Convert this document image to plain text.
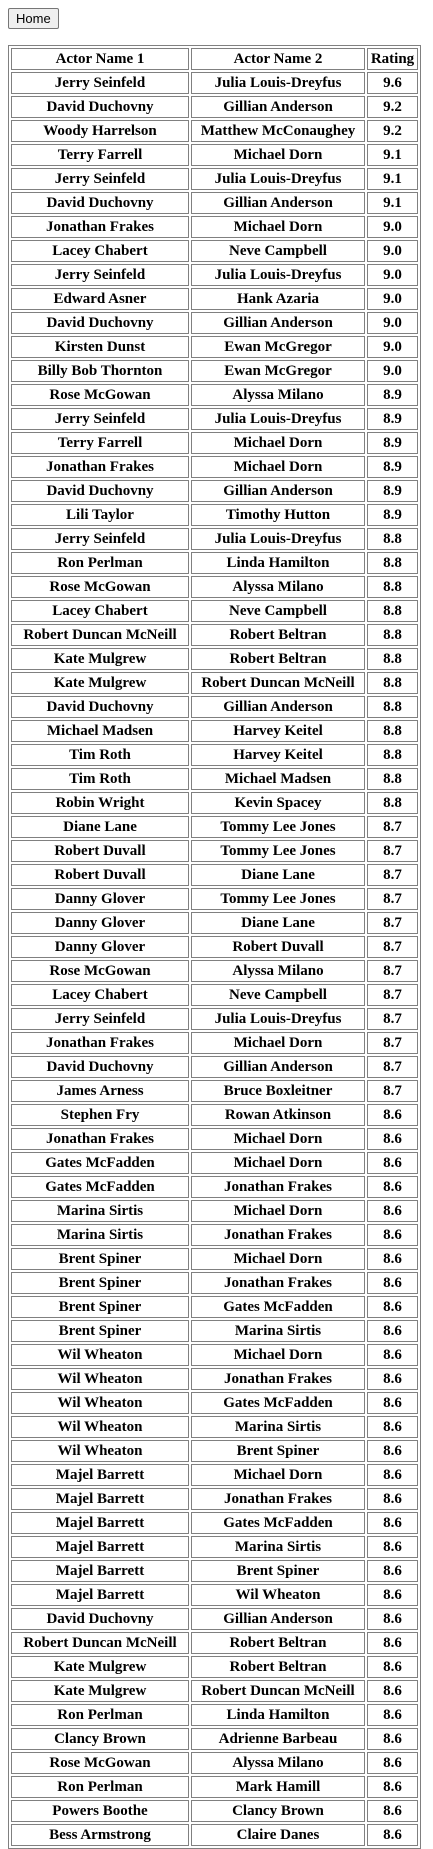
Home
Actor Name 1	Actor Name 2	Rating
Jerry Seinfeld	Julia Louis-Dreyfus	9.6
David Duchovny	Gillian Anderson	9.2
Woody Harrelson	Matthew McConaughey	9.2
Terry Farrell	Michael Dorn	9.1
Jerry Seinfeld	Julia Louis-Dreyfus	9.1
David Duchovny	Gillian Anderson	9.1
Jonathan Frakes	Michael Dorn	9.0
Lacey Chabert	Neve Campbell	9.0
Jerry Seinfeld	Julia Louis-Dreyfus	9.0
Edward Asner	Hank Azaria	9.0
David Duchovny	Gillian Anderson	9.0
Kirsten Dunst	Ewan McGregor	9.0
Billy Bob Thornton	Ewan McGregor	9.0
Rose McGowan	Alyssa Milano	8.9
Jerry Seinfeld	Julia Louis-Dreyfus	8.9
Terry Farrell	Michael Dorn	8.9
Jonathan Frakes	Michael Dorn	8.9
David Duchovny	Gillian Anderson	8.9
Lili Taylor	Timothy Hutton	8.9
Jerry Seinfeld	Julia Louis-Dreyfus	8.8
Ron Perlman	Linda Hamilton	8.8
Rose McGowan	Alyssa Milano	8.8
Lacey Chabert	Neve Campbell	8.8
Robert Duncan McNeill	Robert Beltran	8.8
Kate Mulgrew	Robert Beltran	8.8
Kate Mulgrew	Robert Duncan McNeill	8.8
David Duchovny	Gillian Anderson	8.8
Michael Madsen	Harvey Keitel	8.8
Tim Roth	Harvey Keitel	8.8
Tim Roth	Michael Madsen	8.8
Robin Wright	Kevin Spacey	8.8
Diane Lane	Tommy Lee Jones	8.7
Robert Duvall	Tommy Lee Jones	8.7
Robert Duvall	Diane Lane	8.7
Danny Glover	Tommy Lee Jones	8.7
Danny Glover	Diane Lane	8.7
Danny Glover	Robert Duvall	8.7
Rose McGowan	Alyssa Milano	8.7
Lacey Chabert	Neve Campbell	8.7
Jerry Seinfeld	Julia Louis-Dreyfus	8.7
Jonathan Frakes	Michael Dorn	8.7
David Duchovny	Gillian Anderson	8.7
James Arness	Bruce Boxleitner	8.7
Stephen Fry	Rowan Atkinson	8.6
Jonathan Frakes	Michael Dorn	8.6
Gates McFadden	Michael Dorn	8.6
Gates McFadden	Jonathan Frakes	8.6
Marina Sirtis	Michael Dorn	8.6
Marina Sirtis	Jonathan Frakes	8.6
Brent Spiner	Michael Dorn	8.6
Brent Spiner	Jonathan Frakes	8.6
Brent Spiner	Gates McFadden	8.6
Brent Spiner	Marina Sirtis	8.6
Wil Wheaton	Michael Dorn	8.6
Wil Wheaton	Jonathan Frakes	8.6
Wil Wheaton	Gates McFadden	8.6
Wil Wheaton	Marina Sirtis	8.6
Wil Wheaton	Brent Spiner	8.6
Majel Barrett	Michael Dorn	8.6
Majel Barrett	Jonathan Frakes	8.6
Majel Barrett	Gates McFadden	8.6
Majel Barrett	Marina Sirtis	8.6
Majel Barrett	Brent Spiner	8.6
Majel Barrett	Wil Wheaton	8.6
David Duchovny	Gillian Anderson	8.6
Robert Duncan McNeill	Robert Beltran	8.6
Kate Mulgrew	Robert Beltran	8.6
Kate Mulgrew	Robert Duncan McNeill	8.6
Ron Perlman	Linda Hamilton	8.6
Clancy Brown	Adrienne Barbeau	8.6
Rose McGowan	Alyssa Milano	8.6
Ron Perlman	Mark Hamill	8.6
Powers Boothe	Clancy Brown	8.6
Bess Armstrong	Claire Danes	8.6
